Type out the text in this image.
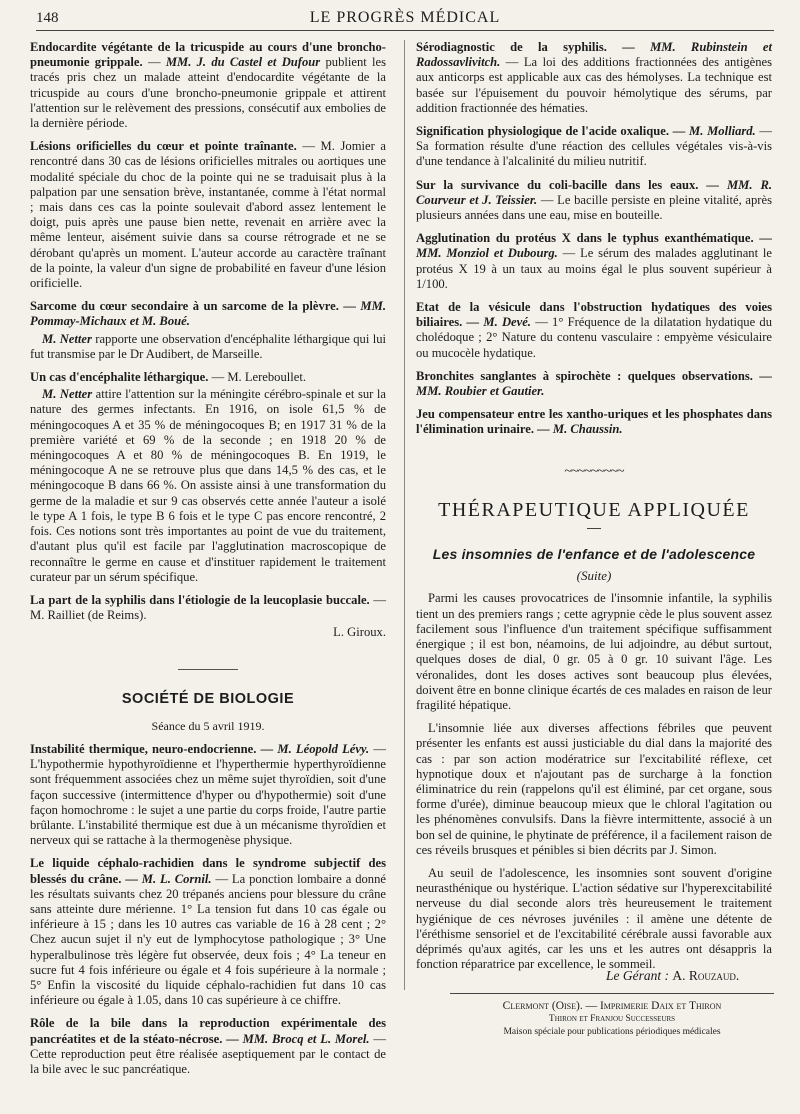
148	LE PROGRÈS MÉDICAL

Endocardite végétante de la tricuspide au cours d'une broncho-pneumonie grippale. — MM. J. du Castel et Dufour publient les tracés pris chez un malade atteint d'endocardite végétante de la tricuspide au cours d'une broncho-pneumonie grippale et attirent l'attention sur le relèvement des pressions, consécutif aux embolies de la dernière période.

Lésions orificielles du cœur et pointe traînante. — M. Jomier a rencontré dans 30 cas de lésions orificielles mitrales ou aortiques une modalité spéciale du choc de la pointe qui ne se traduisait plus à la palpation par une sensation brève, instantanée, comme à l'état normal ; mais dans ces cas la pointe soulevait d'abord assez lentement le doigt, puis après une pause bien nette, revenait en arrière avec la même lenteur, aisément suivie dans sa course rétrograde et ne se dérobant qu'après un moment. L'auteur accorde au caractère traînant de la pointe, la valeur d'un signe de probabilité en faveur d'une lésion orificielle.

Sarcome du cœur secondaire à un sarcome de la plèvre. — MM. Pommay-Michaux et M. Boué.

M. Netter rapporte une observation d'encéphalite léthargique qui lui fut transmise par le Dr Audibert, de Marseille.

Un cas d'encéphalite léthargique. — M. Lereboullet.

M. Netter attire l'attention sur la méningite cérébro-spinale et sur la nature des germes infectants. En 1916, on isole 61,5 % de méningocoques A et 35 % de méningocoques B; en 1917 31 % de la première variété et 69 % de la seconde ; en 1918 20 % de méningocoques A et 80 % de méningocoques B. En 1919, le méningocoque A ne se retrouve plus que dans 14,5 % des cas, et le méningocoque B dans 66 %. On assiste ainsi à une transformation du germe de la maladie et sur 9 cas observés cette année l'auteur a isolé le type A 1 fois, le type B 6 fois et le type C pas encore rencontré, 2 fois. Ces notions sont très importantes au point de vue du traitement, d'autant plus qu'il est facile par l'agglutination macroscopique de reconnaître le germe en cause et d'instituer rapidement le traitement curateur par un sérum spécifique.

La part de la syphilis dans l'étiologie de la leucoplasie buccale. — M. Railliet (de Reims).

L. Giroux.
SOCIÉTÉ DE BIOLOGIE
Séance du 5 avril 1919.

Instabilité thermique, neuro-endocrienne. — M. Léopold Lévy. — L'hypothermie hypothyroïdienne et l'hyperthermie hyperthyroïdienne sont fréquemment associées chez un même sujet thyroïdien, soit d'une façon successive (intermittence d'hyper ou d'hypothermie) soit d'une façon homochrome : le sujet a une partie du corps froide, l'autre partie brûlante. L'instabilité thermique est due à un mécanisme thyroïdien et nerveux qui se rattache à la thermogenèse physique.

Le liquide céphalo-rachidien dans le syndrome subjectif des blessés du crâne. — M. L. Cornil. — La ponction lombaire a donné les résultats suivants chez 20 trépanés anciens pour blessure du crâne sans atteinte dure mérienne. 1° La tension fut dans 10 cas égale ou inférieure à 15 ; dans les 10 autres cas variable de 16 à 28 cent ; 2° Chez aucun sujet il n'y eut de lymphocytose pathologique ; 3° Une hyperalbulinose très légère fut observée, deux fois ; 4° La teneur en sucre fut 4 fois inférieure ou égale et 4 fois supérieure à la normale ; 5° Enfin la viscosité du liquide céphalo-rachidien fut dans 10 cas inférieure ou égale à 1.05, dans 10 cas supérieure à ce chiffre.

Rôle de la bile dans la reproduction expérimentale des pancréatites et de la stéato-nécrose. — MM. Brocq et L. Morel. — Cette reproduction peut être réalisée aseptiquement par le contact de la bile avec le suc pancréatique.

Sérodiagnostic de la syphilis. — MM. Rubinstein et Radossavlivitch. — La loi des additions fractionnées des antigènes aux anticorps est applicable aux cas des hémolyses. La technique est basée sur l'épuisement du pouvoir hémolytique des sérums, par addition fractionnée des hématies.

Signification physiologique de l'acide oxalique. — M. Molliard. — Sa formation résulte d'une réaction des cellules végétales vis-à-vis d'une tendance à l'alcalinité du milieu nutritif.

Sur la survivance du coli-bacille dans les eaux. — MM. R. Courveur et J. Teissier. — Le bacille persiste en pleine vitalité, après plusieurs années dans une eau, mise en bouteille.

Agglutination du protéus X dans le typhus exanthématique. — MM. Monziol et Dubourg. — Le sérum des malades agglutinant le protéus X 19 à un taux au moins égal le plus souvent supérieur à 1/100.

Etat de la vésicule dans l'obstruction hydatiques des voies biliaires. — M. Devé. — 1° Fréquence de la dilatation hydatique du cholédoque ; 2° Nature du contenu vasculaire : empyème vésiculaire ou mucocèle hydatique.

Bronchites sanglantes à spirochète : quelques observations. — MM. Roubier et Gautier.

Jeu compensateur entre les xantho-uriques et les phosphates dans l'élimination urinaire. — M. Chaussin.

~~~~~~~~~
THÉRAPEUTIQUE APPLIQUÉE
Les insomnies de l'enfance et de l'adolescence
(Suite)

Parmi les causes provocatrices de l'insomnie infantile, la syphilis tient un des premiers rangs ; cette agrypnie cède le plus souvent assez facilement sous l'influence d'un traitement spécifique suffisamment énergique ; il est bon, néamoins, de lui adjoindre, au début surtout, quelques doses de dial, 0 gr. 05 à 0 gr. 10 suivant l'âge. Les véronalides, dont les doses actives sont beaucoup plus élevées, doivent être en bonne clinique écartés de ces malades en raison de leur fragilité hépatique.

L'insomnie liée aux diverses affections fébriles que peuvent présenter les enfants est aussi justiciable du dial dans la majorité des cas : par son action modératrice sur l'excitabilité réflexe, cet hypnotique doux et n'ajoutant pas de surcharge à la fonction éliminatrice du rein (rappelons qu'il est éliminé, par cet organe, sous forme d'urée), diminue beaucoup mieux que le chloral l'agitation ou les phénomènes convulsifs. Dans la fièvre intermittente, associé à un bon sel de quinine, le phytinate de préférence, il a facilement raison de ces réveils brusques et pénibles si bien décrits par J. Simon.

Au seuil de l'adolescence, les insomnies sont souvent d'origine neurasthénique ou hystérique. L'action sédative sur l'hyperexcitabilité nerveuse du dial seconde alors très heureusement le traitement hygiénique de ces névroses juvéniles : il amène une détente de l'éréthisme sensoriel et de l'excitabilité cérébrale aussi favorable aux déprimés qu'aux agités, car les uns et les autres ont désappris la fonction réparatrice par excellence, le sommeil.

Le Gérant : A. Rouzaud.
Clermont (Oise). — Imprimerie Daix et Thiron
Thiron et Franjou Successeurs
Maison spéciale pour publications périodiques médicales
